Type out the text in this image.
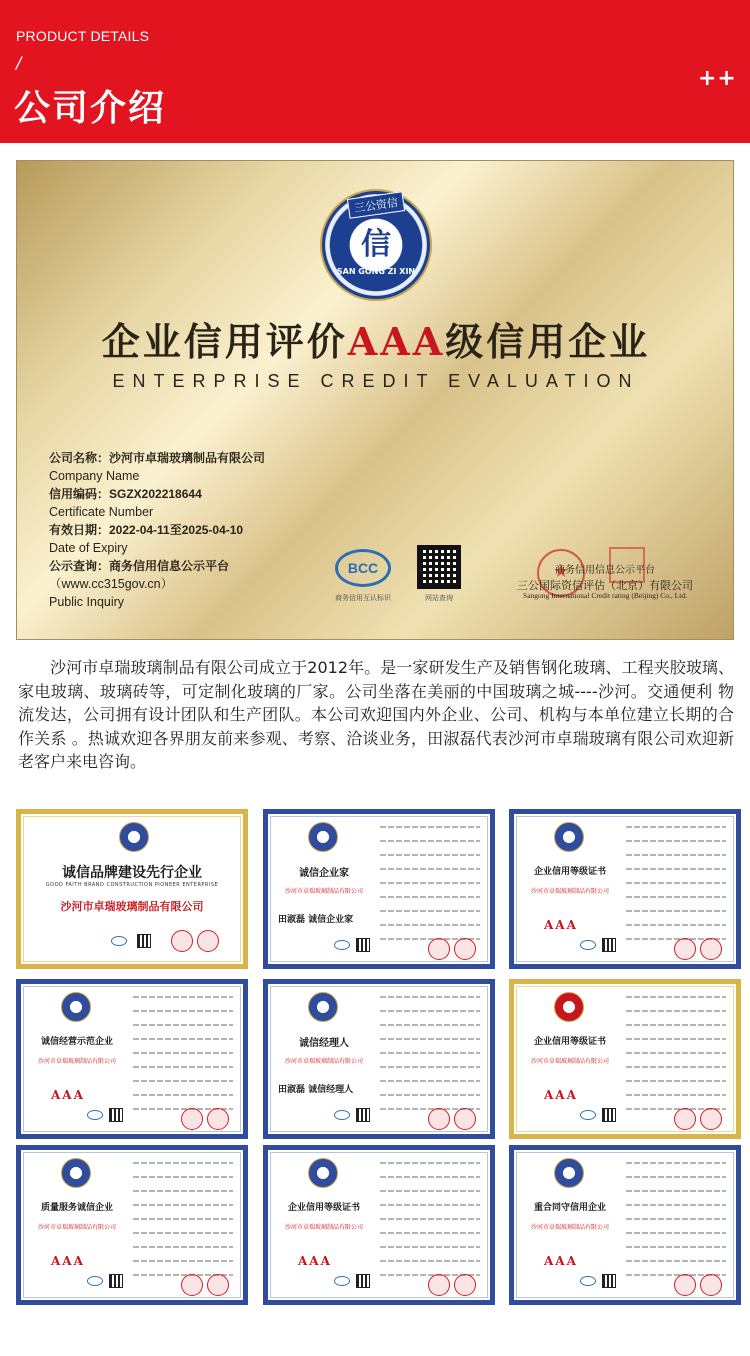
PRODUCT DETAILS
/
公司介绍
++
三公资信
信
SAN GONG ZI XIN
企业信用评价AAA级信用企业
ENTERPRISE CREDIT EVALUATION
公司名称：沙河市卓瑞玻璃制品有限公司
Company Name
信用编码：SGZX202218644
Certificate Number
有效日期：2022-04-11至2025-04-10
Date of Expiry
公示查询：商务信用信息公示平台
（www.cc315gov.cn）
Public Inquiry
BCC
商务信用互认标识	网站查询
★
商务信用信息公示平台
三公国际资信评估（北京）有限公司
Sangong International Credit rating (Beijing) Co., Ltd.

沙河市卓瑞玻璃制品有限公司成立于2012年。是一家研发生产及销售钢化玻璃、工程夹胶玻璃、家电玻璃、玻璃砖等，可定制化玻璃的厂家。公司坐落在美丽的中国玻璃之城----沙河。交通便利 物流发达，公司拥有设计团队和生产团队。本公司欢迎国内外企业、公司、机构与本单位建立长期的合作关系 。热诚欢迎各界朋友前来参观、考察、洽谈业务，田淑磊代表沙河市卓瑞玻璃有限公司欢迎新老客户来电咨询。

诚信品牌建设先行企业
GOOD FAITH BRAND CONSTRUCTION PIONEER ENTERPRISE
沙河市卓瑞玻璃制品有限公司
诚信企业家
沙河市卓瑞玻璃制品有限公司
田淑磊 诚信企业家
企业信用等级证书
沙河市卓瑞玻璃制品有限公司
AAA
诚信经营示范企业
沙河市卓瑞玻璃制品有限公司
AAA
诚信经理人
沙河市卓瑞玻璃制品有限公司
田淑磊 诚信经理人
企业信用等级证书
沙河市卓瑞玻璃制品有限公司
AAA
质量服务诚信企业
沙河市卓瑞玻璃制品有限公司
AAA
企业信用等级证书
沙河市卓瑞玻璃制品有限公司
AAA
重合同守信用企业
沙河市卓瑞玻璃制品有限公司
AAA
